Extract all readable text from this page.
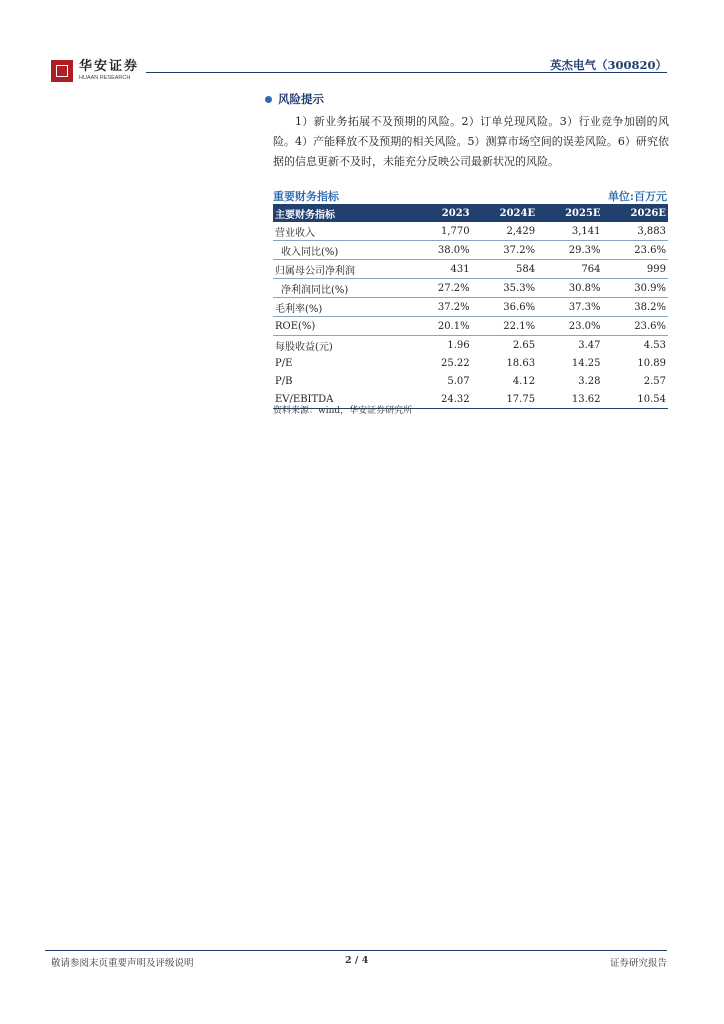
华安证券
HUAAN RESEARCH
英杰电气（300820）
风险提示
1）新业务拓展不及预期的风险。2）订单兑现风险。3）行业竞争加剧的风险。4）产能释放不及预期的相关风险。5）测算市场空间的误差风险。6）研究依据的信息更新不及时，未能充分反映公司最新状况的风险。
重要财务指标	单位:百万元
主要财务指标	2023	2024E	2025E	2026E
营业收入	1,770	2,429	3,141	3,883
收入同比(%)	38.0%	37.2%	29.3%	23.6%
归属母公司净利润	431	584	764	999
净利润同比(%)	27.2%	35.3%	30.8%	30.9%
毛利率(%)	37.2%	36.6%	37.3%	38.2%
ROE(%)	20.1%	22.1%	23.0%	23.6%
每股收益(元)	1.96	2.65	3.47	4.53
P/E	25.22	18.63	14.25	10.89
P/B	5.07	4.12	3.28	2.57
EV/EBITDA	24.32	17.75	13.62	10.54
资料来源：wind，华安证券研究所
敬请参阅末页重要声明及评级说明	2 / 4	证券研究报告
